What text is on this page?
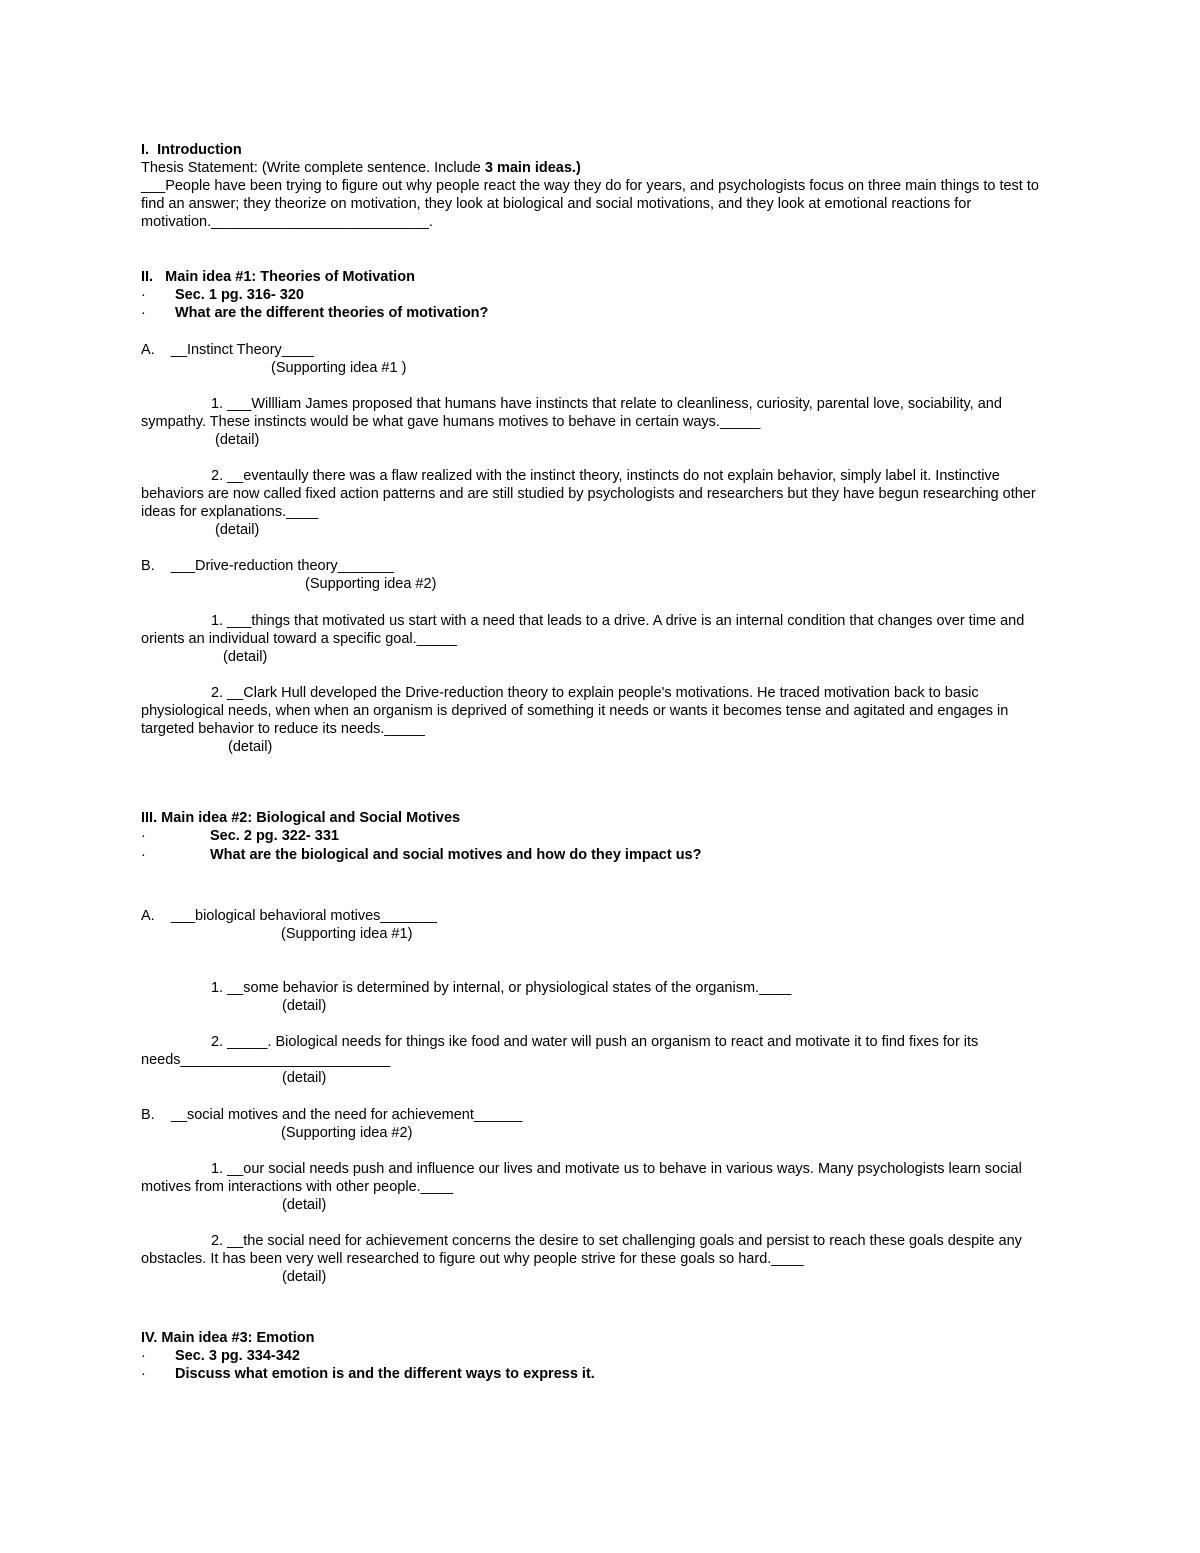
I.  Introduction
Thesis Statement: (Write complete sentence. Include 3 main ideas.)
___People have been trying to figure out why people react the way they do for years, and psychologists focus on three main things to test to find an answer; they theorize on motivation, they look at biological and social motivations, and they look at emotional reactions for motivation.___________________________.
II.   Main idea #1: Theories of Motivation
· Sec. 1 pg. 316- 320
· What are the different theories of motivation?
A.    __Instinct Theory____
(Supporting idea #1 )
1. ___Willliam James proposed that humans have instincts that relate to cleanliness, curiosity, parental love, sociability, and sympathy. These instincts would be what gave humans motives to behave in certain ways._____
(detail)
2. __eventaully there was a flaw realized with the instinct theory, instincts do not explain behavior, simply label it. Instinctive behaviors are now called fixed action patterns and are still studied by psychologists and researchers but they have begun researching other ideas for explanations.____
(detail)
B.    ___Drive-reduction theory_______
(Supporting idea #2)
1. ___things that motivated us start with a need that leads to a drive. A drive is an internal condition that changes over time and orients an individual toward a specific goal._____
(detail)
2. __Clark Hull developed the Drive-reduction theory to explain people's motivations. He traced motivation back to basic physiological needs, when when an organism is deprived of something it needs or wants it becomes tense and agitated and engages in targeted behavior to reduce its needs._____
(detail)
III. Main idea #2: Biological and Social Motives
·	Sec. 2 pg. 322- 331
·	What are the biological and social motives and how do they impact us?
A.    ___biological behavioral motives_______
(Supporting idea #1)
1. __some behavior is determined by internal, or physiological states of the organism.____
(detail)
2. _____. Biological needs for things ike food and water will push an organism to react and motivate it to find fixes for its needs__________________________
(detail)
B.    __social motives and the need for achievement______
(Supporting idea #2)
1. __our social needs push and influence our lives and motivate us to behave in various ways. Many psychologists learn social motives from interactions with other people.____
(detail)
2. __the social need for achievement concerns the desire to set challenging goals and persist to reach these goals despite any obstacles. It has been very well researched to figure out why people strive for these goals so hard.____
(detail)
IV. Main idea #3: Emotion
· Sec. 3 pg. 334-342
· Discuss what emotion is and the different ways to express it.
